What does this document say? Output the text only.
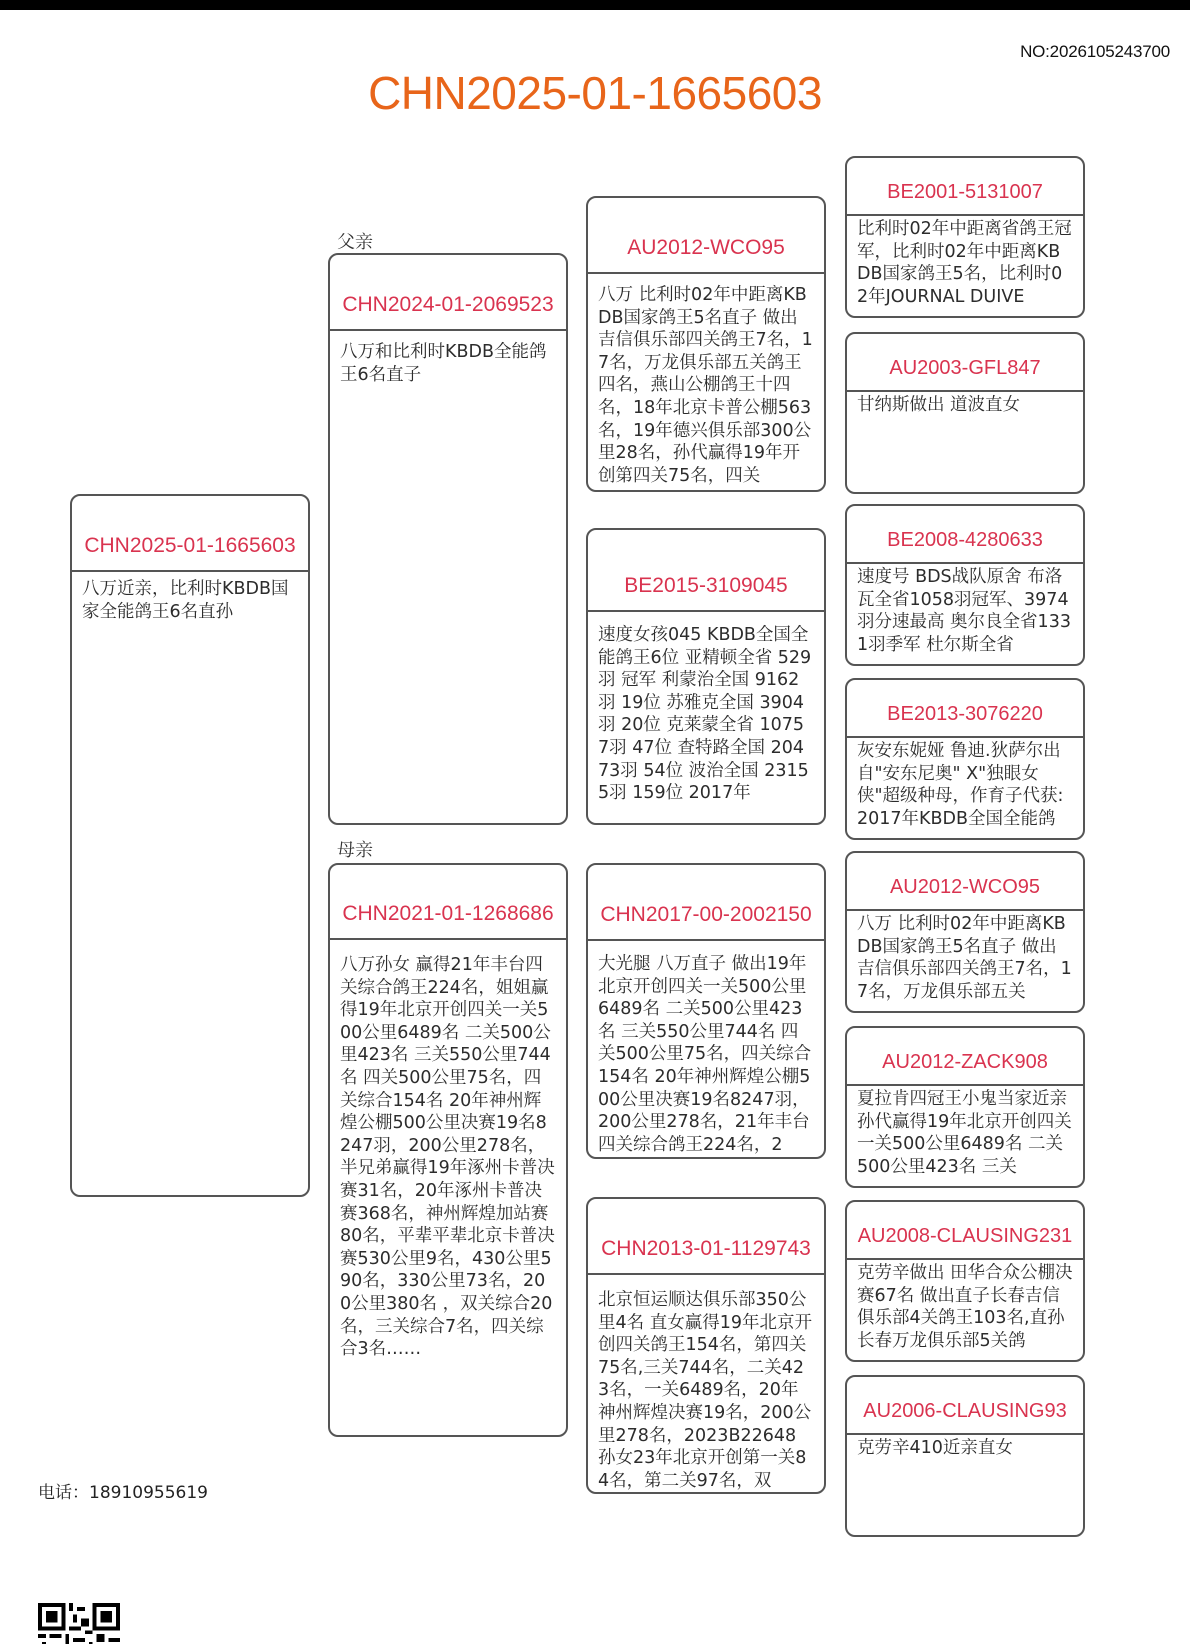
NO:2026105243700
CHN2025-01-1665603
CHN2025-01-1665603
八万近亲，比利时KBDB国家全能鸽王6名直孙
父亲
CHN2024-01-2069523
八万和比利时KBDB全能鸽王6名直子
母亲
CHN2021-01-1268686
八万孙女 赢得21年丰台四关综合鸽王224名，姐姐赢得19年北京开创四关一关500公里6489名 二关500公里423名 三关550公里744名 四关500公里75名，四关综合154名 20年神州辉煌公棚500公里决赛19名8247羽，200公里278名， 半兄弟赢得19年涿州卡普决赛31名，20年涿州卡普决赛368名，神州辉煌加站赛80名，平辈平辈北京卡普决赛530公里9名，430公里590名，330公里73名，200公里380名 ，双关综合20名，三关综合7名，四关综合3名……
AU2012-WCO95
八万 比利时02年中距离KBDB国家鸽王5名直子 做出吉信俱乐部四关鸽王7名，17名，万龙俱乐部五关鸽王四名，燕山公棚鸽王十四名，18年北京卡普公棚563名，19年德兴俱乐部300公里28名，孙代赢得19年开创第四关75名，四关
BE2015-3109045
速度女孩045 KBDB全国全能鸽王6位 亚精顿全省 529羽 冠军 利蒙治全国 9162羽 19位 苏雅克全国 3904羽 20位 克莱蒙全省 10757羽 47位 查特路全国 20473羽 54位 波治全国 23155羽 159位 2017年
CHN2017-00-2002150
大光腿 八万直子 做出19年北京开创四关一关500公里6489名 二关500公里423名 三关550公里744名 四关500公里75名，四关综合154名 20年神州辉煌公棚500公里决赛19名8247羽，200公里278名，21年丰台四关综合鸽王224名，2
CHN2013-01-1129743
北京恒运顺达俱乐部350公里4名 直女赢得19年北京开创四关鸽王154名，第四关75名,三关744名，二关423名，一关6489名，20年神州辉煌决赛19名，200公里278名，2023B22648 孙女23年北京开创第一关84名，第二关97名，双
BE2001-5131007
比利时02年中距离省鸽王冠军，比利时02年中距离KBDB国家鸽王5名，比利时02年JOURNAL DUIVE
AU2003-GFL847
甘纳斯做出 道波直女
BE2008-4280633
速度号 BDS战队原舍 布洛瓦全省1058羽冠军、3974羽分速最高 奥尔良全省1331羽季军 杜尔斯全省
BE2013-3076220
灰安东妮娅 鲁迪.狄萨尔出自"安东尼奥" X"独眼女侠"超级种母，作育子代获:2017年KBDB全国全能鸽
AU2012-WCO95
八万 比利时02年中距离KBDB国家鸽王5名直子 做出吉信俱乐部四关鸽王7名，17名，万龙俱乐部五关
AU2012-ZACK908
夏拉肯四冠王小鬼当家近亲 孙代赢得19年北京开创四关一关500公里6489名 二关500公里423名 三关
AU2008-CLAUSING231
克劳辛做出 田华合众公棚决赛67名 做出直子长春吉信俱乐部4关鸽王103名,直孙长春万龙俱乐部5关鸽
AU2006-CLAUSING93
克劳辛410近亲直女
电话：18910955619
